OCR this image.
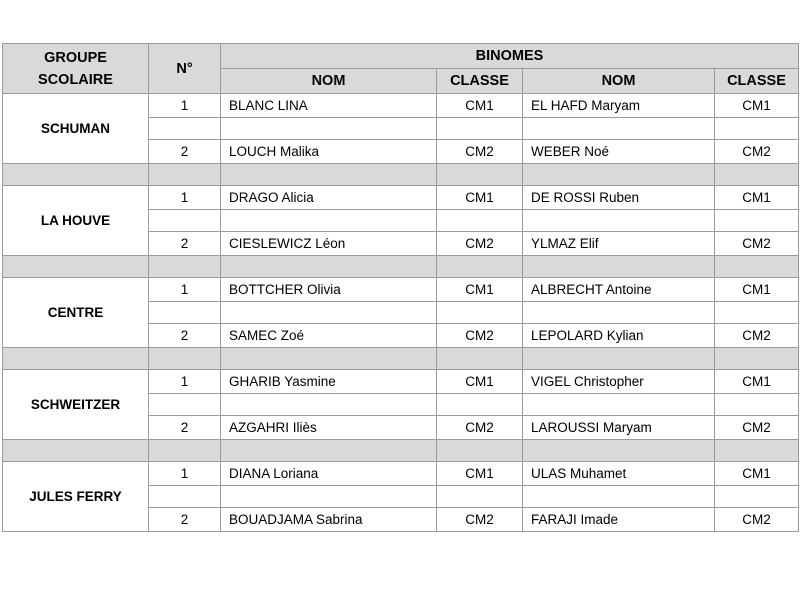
GROUPE SCOLAIRE	N°	BINOMES			
		NOM	CLASSE	NOM	CLASSE
SCHUMAN	1	BLANC LINA	CM1	EL HAFD Maryam	CM1

	2	LOUCH Malika	CM2	WEBER Noé	CM2

LA HOUVE	1	DRAGO Alicia	CM1	DE ROSSI Ruben	CM1

	2	CIESLEWICZ Léon	CM2	YLMAZ Elif	CM2

CENTRE	1	BOTTCHER Olivia	CM1	ALBRECHT Antoine	CM1

	2	SAMEC Zoé	CM2	LEPOLARD Kylian	CM2

SCHWEITZER	1	GHARIB Yasmine	CM1	VIGEL Christopher	CM1

	2	AZGAHRI Iliès	CM2	LAROUSSI Maryam	CM2

JULES FERRY	1	DIANA Loriana	CM1	ULAS Muhamet	CM1

	2	BOUADJAMA Sabrina	CM2	FARAJI Imade	CM2
